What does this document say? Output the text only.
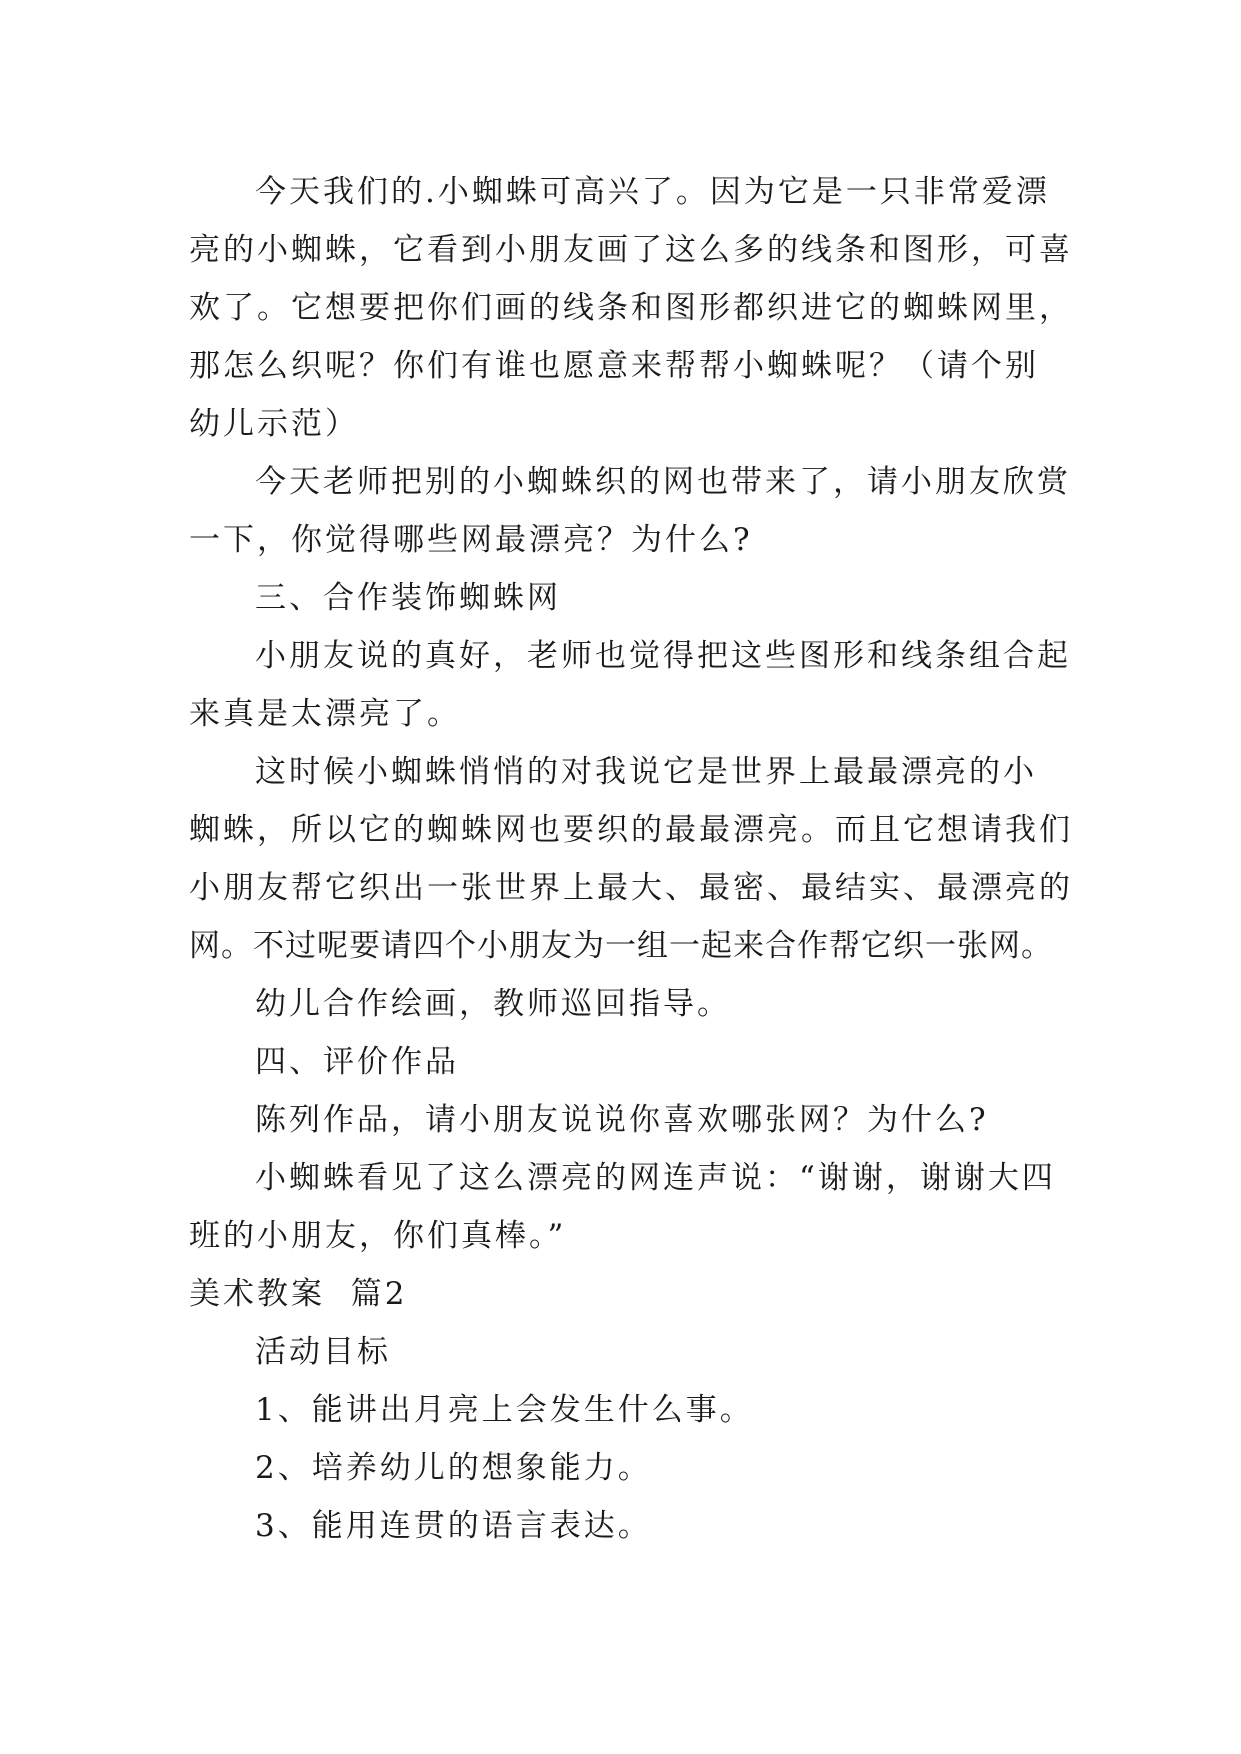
今天我们的.小蜘蛛可高兴了。因为它是一只非常爱漂
亮的小蜘蛛，它看到小朋友画了这么多的线条和图形，可喜
欢了。它想要把你们画的线条和图形都织进它的蜘蛛网里，
那怎么织呢？你们有谁也愿意来帮帮小蜘蛛呢？（请个别
幼儿示范）

今天老师把别的小蜘蛛织的网也带来了，请小朋友欣赏
一下，你觉得哪些网最漂亮？为什么?

三、合作装饰蜘蛛网

小朋友说的真好，老师也觉得把这些图形和线条组合起
来真是太漂亮了。

这时候小蜘蛛悄悄的对我说它是世界上最最漂亮的小
蜘蛛，所以它的蜘蛛网也要织的最最漂亮。而且它想请我们
小朋友帮它织出一张世界上最大、最密、最结实、最漂亮的
网。不过呢要请四个小朋友为一组一起来合作帮它织一张网。

幼儿合作绘画，教师巡回指导。

四、评价作品

陈列作品，请小朋友说说你喜欢哪张网？为什么?

小蜘蛛看见了这么漂亮的网连声说：“谢谢，谢谢大四
班的小朋友，你们真棒。”

美术教案  篇2

活动目标

1、能讲出月亮上会发生什么事。

2、培养幼儿的想象能力。

3、能用连贯的语言表达。
